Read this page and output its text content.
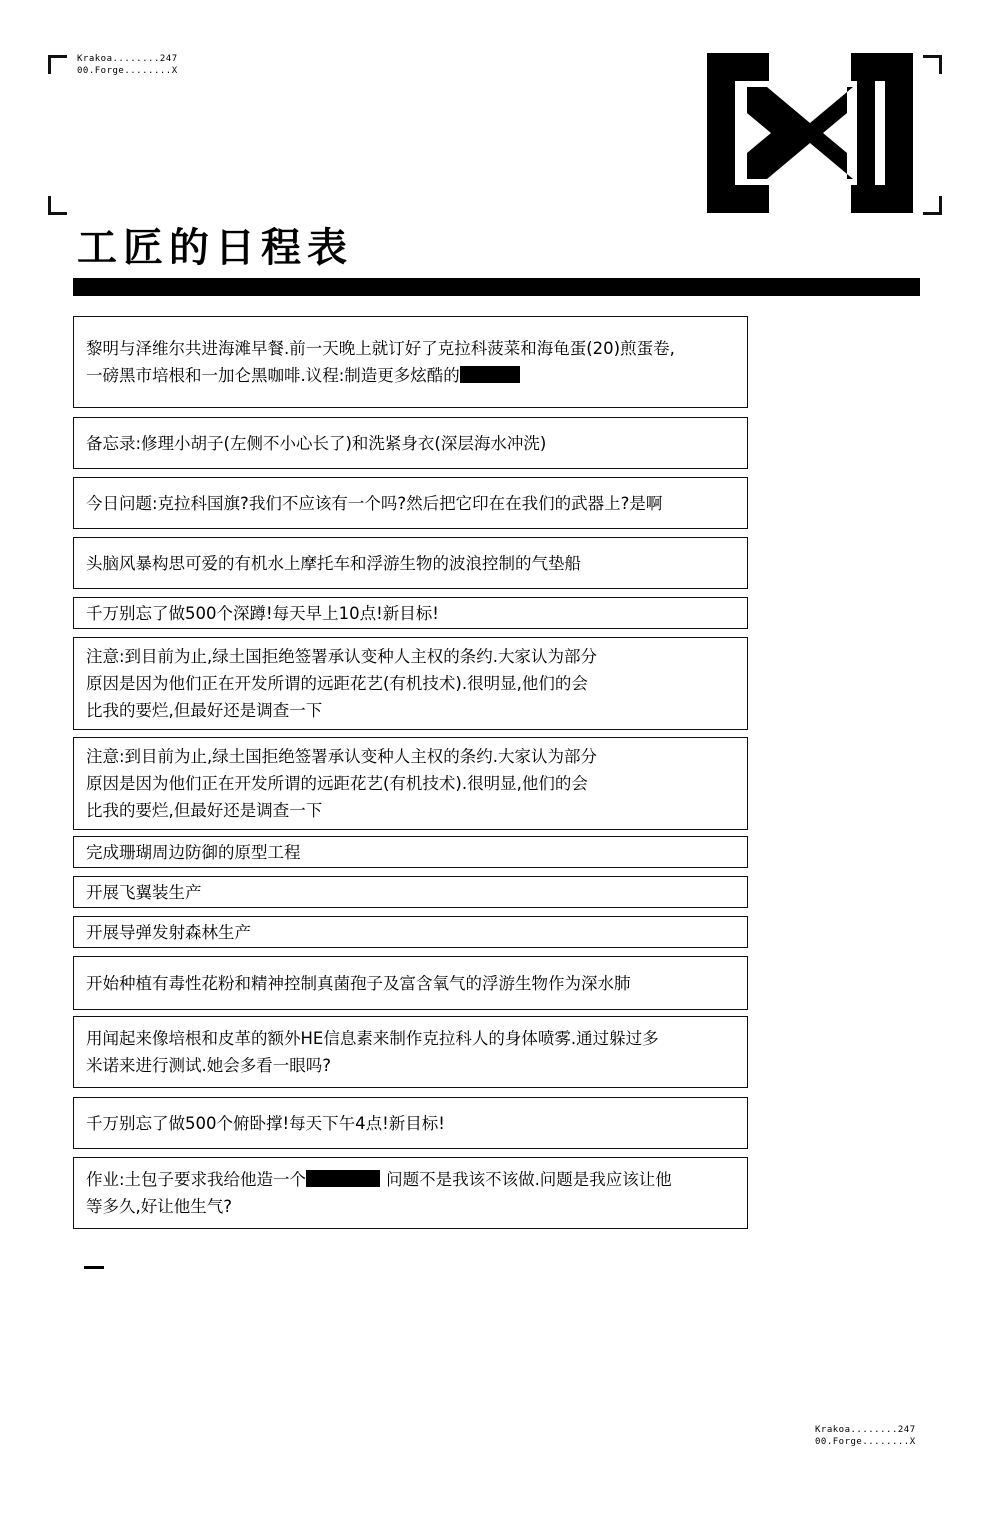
Krakoa........247
00.Forge........X
工匠的日程表

黎明与泽维尔共进海滩早餐.前一天晚上就订好了克拉科菠菜和海龟蛋(20)煎蛋卷,

一磅黑市培根和一加仑黑咖啡.议程:制造更多炫酷的

备忘录:修理小胡子(左侧不小心长了)和洗紧身衣(深层海水冲洗)

今日问题:克拉科国旗?我们不应该有一个吗?然后把它印在在我们的武器上?是啊

头脑风暴构思可爱的有机水上摩托车和浮游生物的波浪控制的气垫船

千万别忘了做500个深蹲!每天早上10点!新目标!

注意:到目前为止,绿土国拒绝签署承认变种人主权的条约.大家认为部分

原因是因为他们正在开发所谓的远距花艺(有机技术).很明显,他们的会

比我的要烂,但最好还是调查一下

注意:到目前为止,绿土国拒绝签署承认变种人主权的条约.大家认为部分

原因是因为他们正在开发所谓的远距花艺(有机技术).很明显,他们的会

比我的要烂,但最好还是调查一下

完成珊瑚周边防御的原型工程

开展飞翼装生产

开展导弹发射森林生产

开始种植有毒性花粉和精神控制真菌孢子及富含氧气的浮游生物作为深水肺

用闻起来像培根和皮革的额外HE信息素来制作克拉科人的身体喷雾.通过躲过多

米诺来进行测试.她会多看一眼吗?

千万别忘了做500个俯卧撑!每天下午4点!新目标!

作业:土包子要求我给他造一个	问题不是我该不该做.问题是我应该让他

等多久,好让他生气?

Krakoa........247
00.Forge........X
